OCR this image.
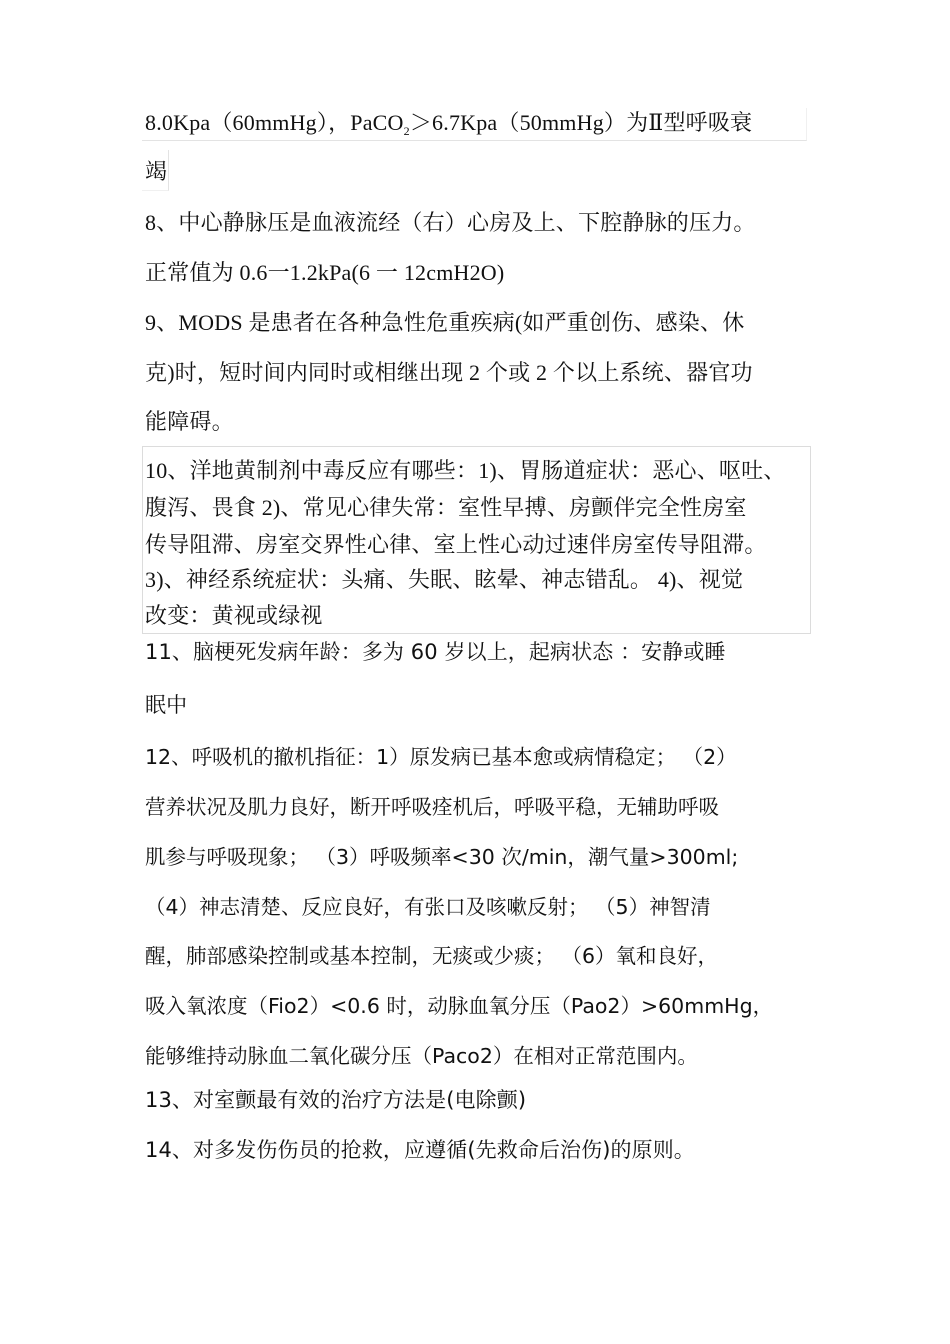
8.0Kpa（60mmHg），PaCO$_2$＞6.7Kpa（50mmHg）为Ⅱ型呼吸衰
竭
8、中心静脉压是血液流经（右）心房及上、下腔静脉的压力。
正常值为 0.6一1.2kPa(6 一 12cmH2O)
9、MODS 是患者在各种急性危重疾病(如严重创伤、感染、休
克)时，短时间内同时或相继出现 2 个或 2 个以上系统、器官功
能障碍。
10、洋地黄制剂中毒反应有哪些：1)、胃肠道症状：恶心、呕吐、
腹泻、畏食 2)、常见心律失常：室性早搏、房颤伴完全性房室
传导阻滞、房室交界性心律、室上性心动过速伴房室传导阻滞。
3)、神经系统症状：头痛、失眠、眩晕、神志错乱。 4)、视觉
改变：黄视或绿视
11、脑梗死发病年龄：多为 60 岁以上，起病状态 ：安静或睡
眠中
12、呼吸机的撤机指征：1）原发病已基本愈或病情稳定； （2）
营养状况及肌力良好，断开呼吸痊机后，呼吸平稳，无辅助呼吸
肌参与呼吸现象； （3）呼吸频率<30 次/min，潮气量>300ml;
（4）神志清楚、反应良好，有张口及咳嗽反射； （5）神智清
醒，肺部感染控制或基本控制，无痰或少痰； （6）氧和良好，
吸入氧浓度（Fio2）<0.6 时，动脉血氧分压（Pao2）>60mmHg，
能够维持动脉血二氧化碳分压（Paco2）在相对正常范围内。
13、对室颤最有效的治疗方法是(电除颤)
14、对多发伤伤员的抢救，应遵循(先救命后治伤)的原则。
